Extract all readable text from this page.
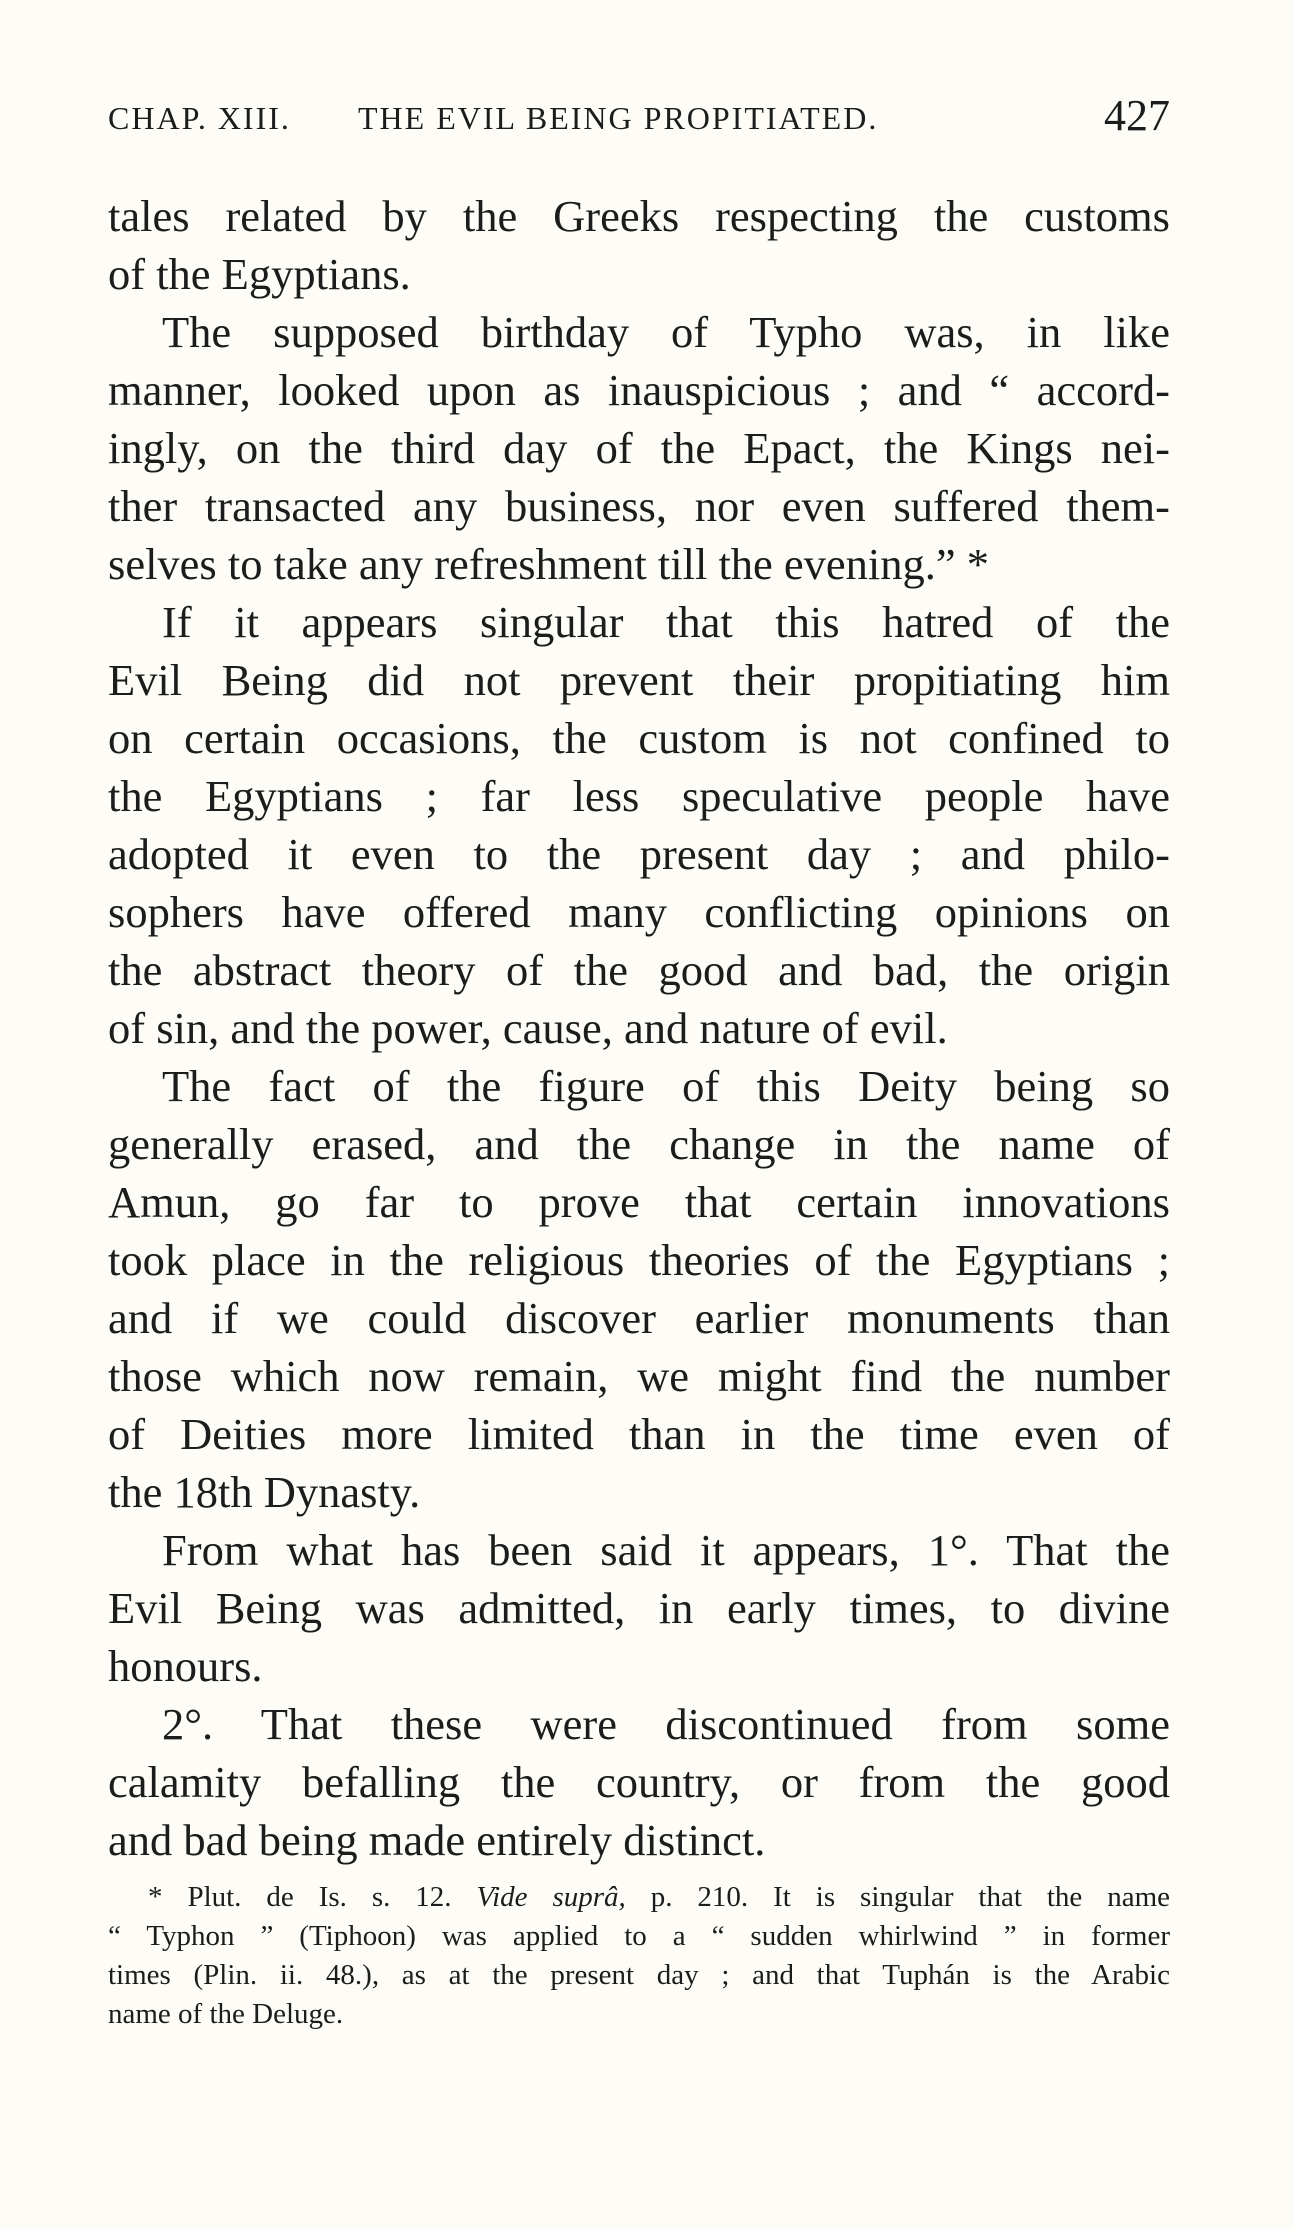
CHAP. XIII. THE EVIL BEING PROPITIATED.	427
tales related by the Greeks respecting the customs
of the Egyptians.
The supposed birthday of Typho was, in like
manner, looked upon as inauspicious ; and “ accord-
ingly, on the third day of the Epact, the Kings nei-
ther transacted any business, nor even suffered them-
selves to take any refreshment till the evening.” *
If it appears singular that this hatred of the
Evil Being did not prevent their propitiating him
on certain occasions, the custom is not confined to
the Egyptians ; far less speculative people have
adopted it even to the present day ; and philo-
sophers have offered many conflicting opinions on
the abstract theory of the good and bad, the origin
of sin, and the power, cause, and nature of evil.
The fact of the figure of this Deity being so
generally erased, and the change in the name of
Amun, go far to prove that certain innovations
took place in the religious theories of the Egyptians ;
and if we could discover earlier monuments than
those which now remain, we might find the number
of Deities more limited than in the time even of
the 18th Dynasty.
From what has been said it appears, 1°. That the
Evil Being was admitted, in early times, to divine
honours.
2°. That these were discontinued from some
calamity befalling the country, or from the good
and bad being made entirely distinct.
* Plut. de Is. s. 12. Vide suprâ, p. 210. It is singular that the name
“ Typhon ” (Tiphoon) was applied to a “ sudden whirlwind ” in former
times (Plin. ii. 48.), as at the present day ; and that Tuphán is the Arabic
name of the Deluge.
